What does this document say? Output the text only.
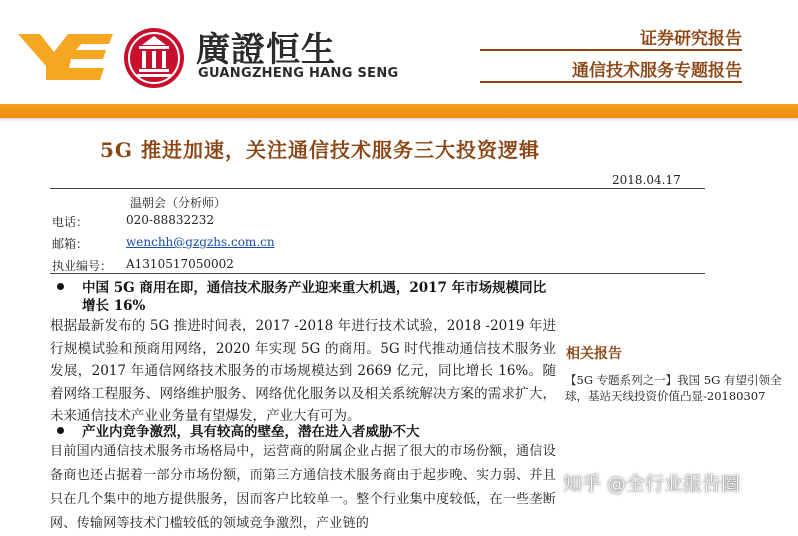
廣證恒生
GUANGZHENG HANG SENG
证券研究报告
通信技术服务专题报告
5G 推进加速，关注通信技术服务三大投资逻辑
2018.04.17
温朝会（分析师）
电话：	020-88832232
邮箱：	wenchh@gzgzhs.com.cn
执业编号： A1310517050002
中国 5G 商用在即，通信技术服务产业迎来重大机遇，2017 年市场规模同比
增长 16%
根据最新发布的 5G 推进时间表，2017 -2018 年进行技术试验，2018 -2019 年进行规模试验和预商用网络，2020 年实现 5G 的商用。5G 时代推动通信技术服务业发展，2017 年通信网络技术服务的市场规模达到 2669 亿元，同比增长 16%。随着网络工程服务、网络维护服务、网络优化服务以及相关系统解决方案的需求扩大，未来通信技术产业业务量有望爆发，产业大有可为。
产业内竞争激烈，具有较高的壁垒，潜在进入者威胁不大
目前国内通信技术服务市场格局中，运营商的附属企业占据了很大的市场份额，通信设备商也还占据着一部分市场份额，而第三方通信技术服务商由于起步晚、实力弱、并且只在几个集中的地方提供服务，因而客户比较单一。整个行业集中度较低，在一些垄断网、传输网等技术门槛较低的领域竞争激烈，产业链的
相关报告
【5G 专题系列之一】我国 5G 有望引领全球，基站天线投资价值凸显-20180307
知乎 @全行业报告圈
